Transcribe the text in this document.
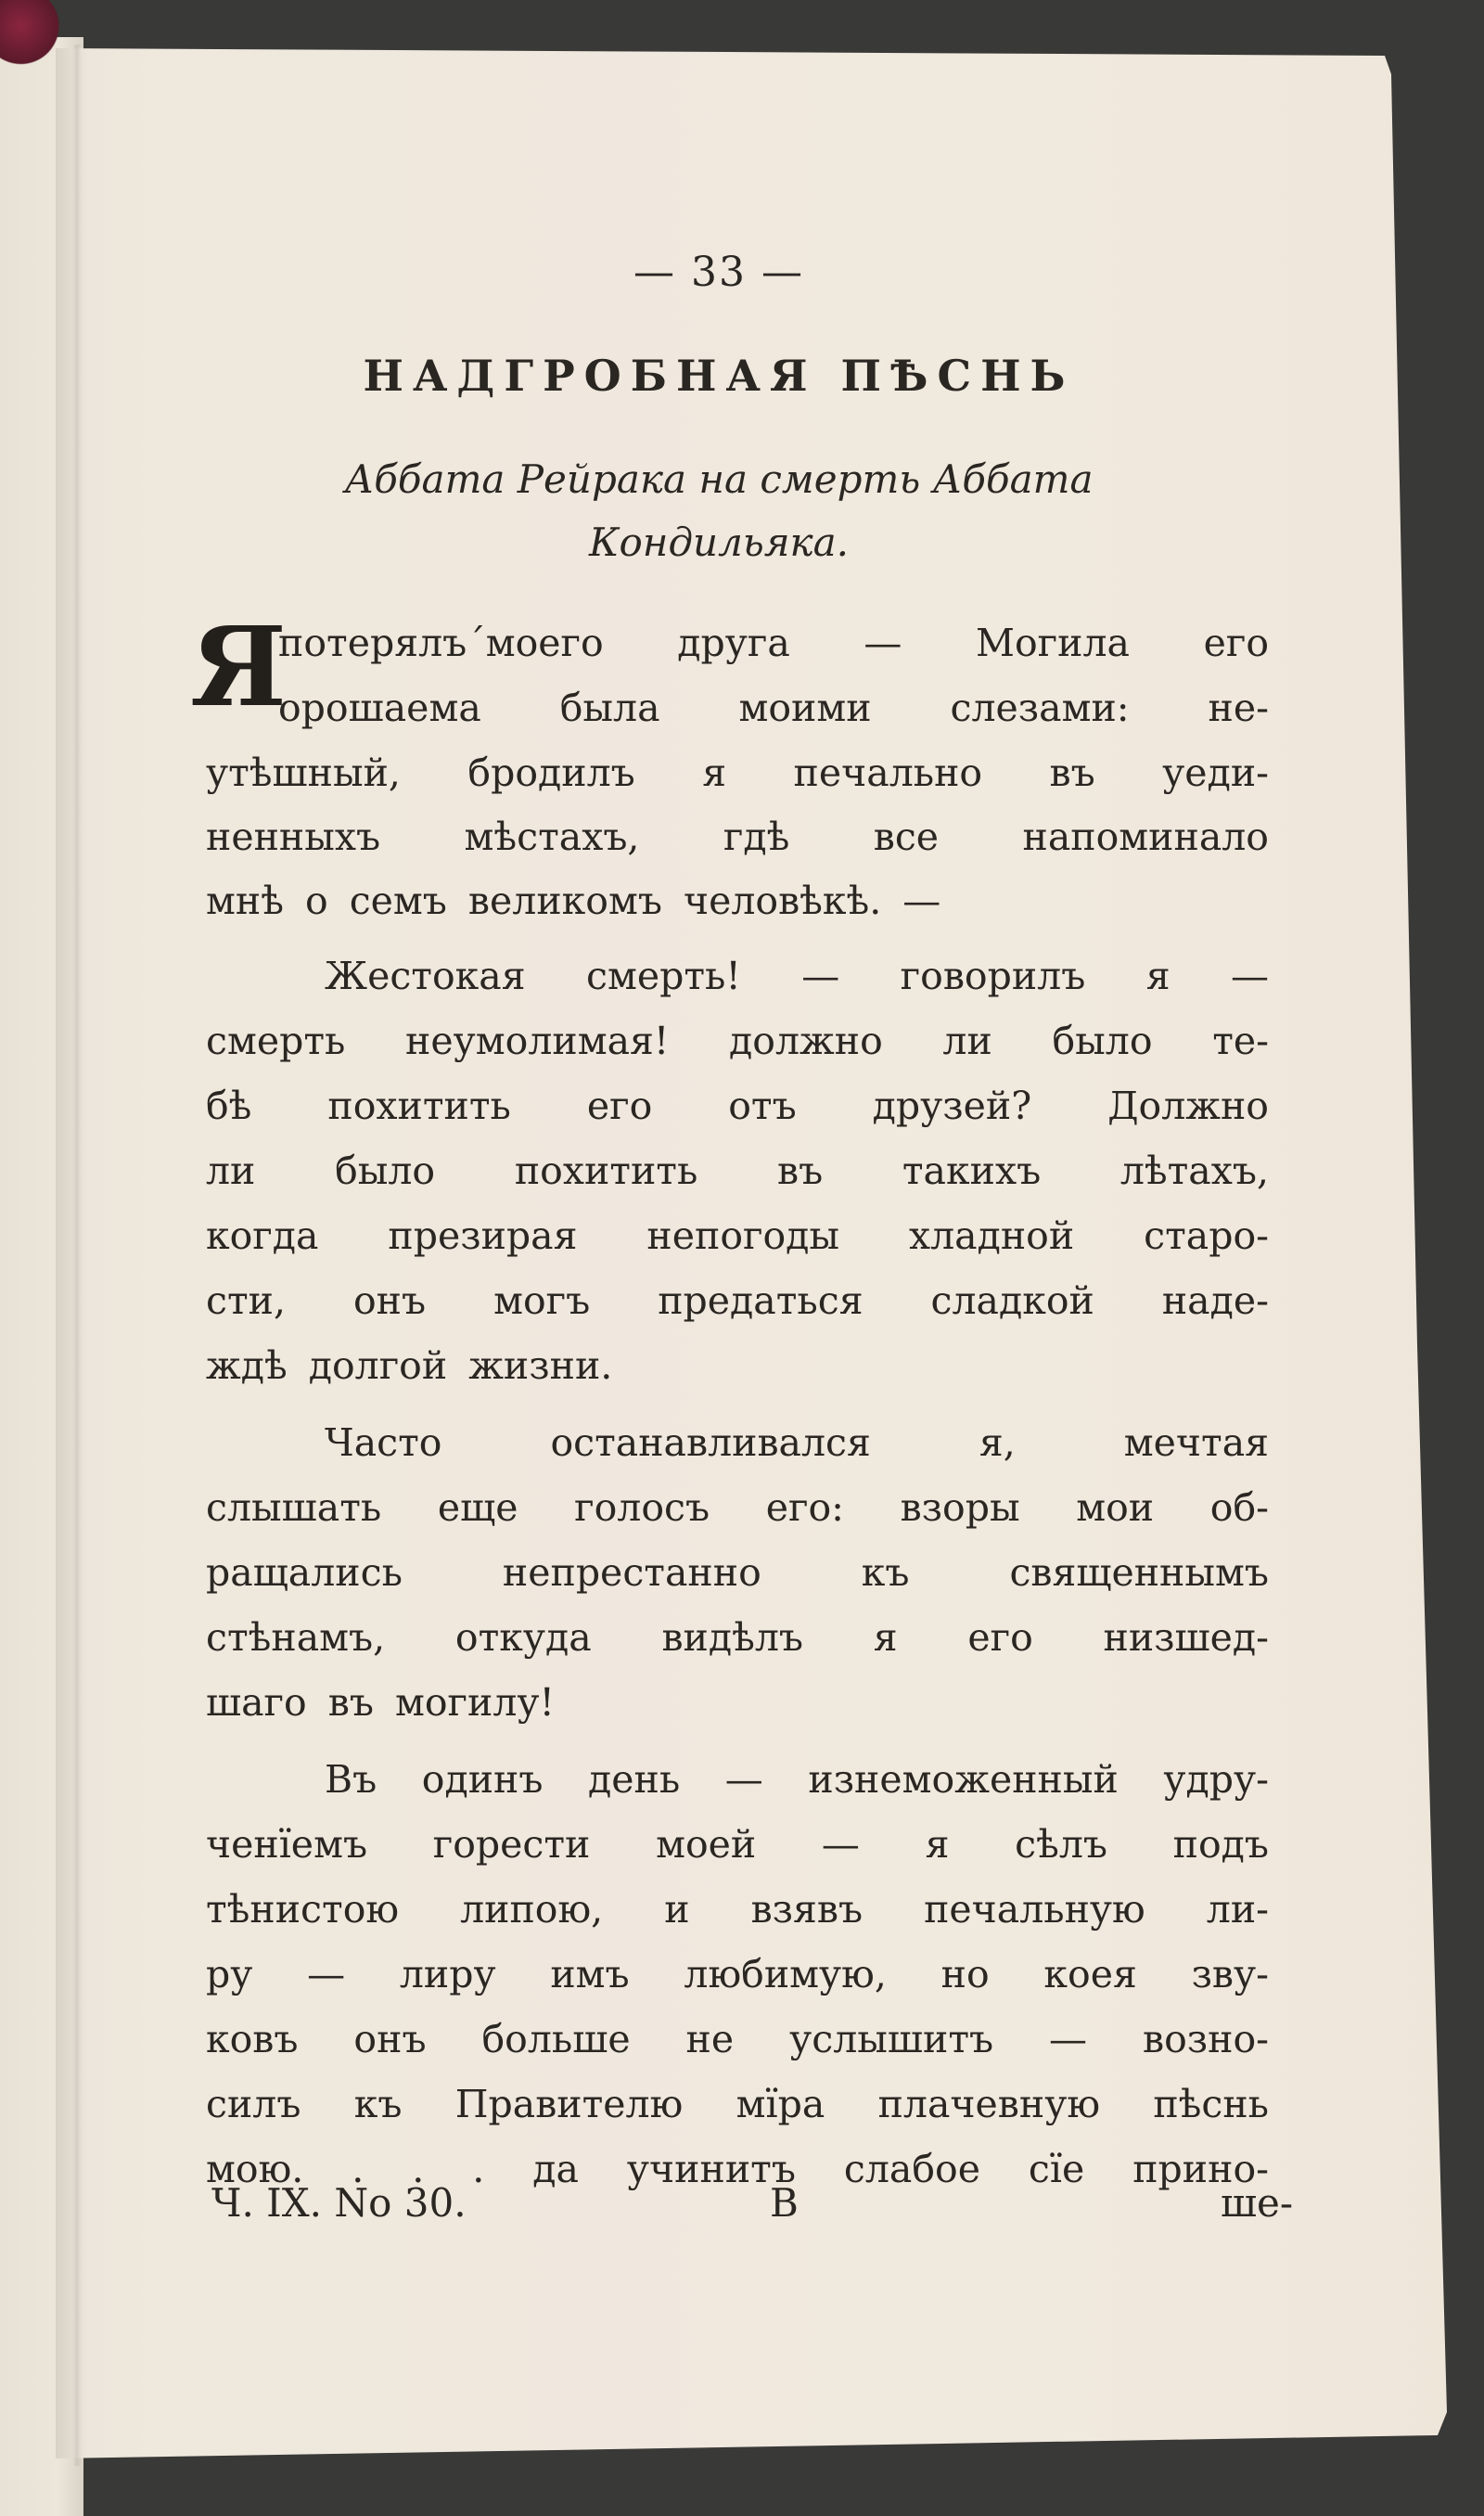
— 33 —
НАДГРОБНАЯ ПѢСНЬ
Аббата Рейрака на смерть Аббата
Кондильяка.
Я
потерялъ´моего друга — Могила его
орошаема была моими слезами: не-
утѣшный, бродилъ я печально въ уеди-
ненныхъ мѣстахъ, гдѣ все напоминало
мнѣ о семъ великомъ человѣкѣ. —
Жестокая смерть! — говорилъ я —
смерть неумолимая! должно ли было те-
бѣ похитить его отъ друзей? Должно
ли было похитить въ такихъ лѣтахъ,
когда презирая непогоды хладной старо-
сти, онъ могъ предаться сладкой наде-
ждѣ долгой жизни.
Часто останавливался я, мечтая
слышать еще голосъ его: взоры мои об-
ращались непрестанно къ священнымъ
стѣнамъ, откуда видѣлъ я его низшед-
шаго въ могилу!
Въ одинъ день — изнеможенный удру-
ченїемъ горести моей — я сѣлъ подъ
тѣнистою липою, и взявъ печальную ли-
ру — лиру имъ любимую, но коея зву-
ковъ онъ больше не услышитъ — возно-
силъ къ Правителю мїра плачевную пѣснь
мою. . . . да учинитъ слабое сїе прино-
Ч. IX. No 30.	В	ше-
